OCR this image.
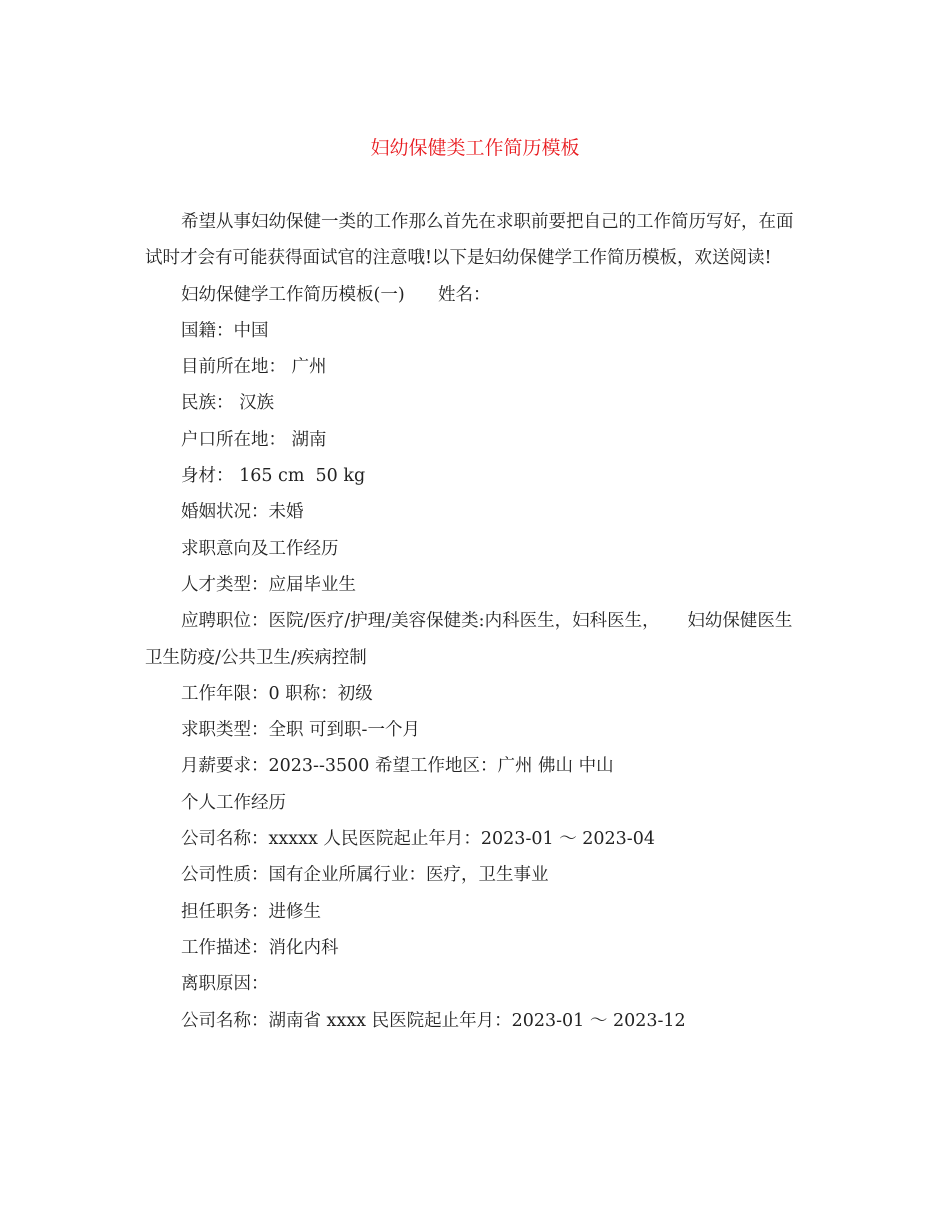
妇幼保健类工作简历模板

希望从事妇幼保健一类的工作那么首先在求职前要把自己的工作简历写好，在面试时才会有可能获得面试官的注意哦!以下是妇幼保健学工作简历模板，欢送阅读!

妇幼保健学工作简历模板(一)      姓名：

国籍：中国

目前所在地： 广州

民族： 汉族

户口所在地： 湖南

身材： 165 cm  50 kg

婚姻状况：未婚

求职意向及工作经历

人才类型：应届毕业生

应聘职位：医院/医疗/护理/美容保健类:内科医生，妇科医生，     妇幼保健医生    卫生防疫/公共卫生/疾病控制

工作年限：0 职称：初级

求职类型：全职 可到职-一个月

月薪要求：2023--3500 希望工作地区：广州 佛山 中山

个人工作经历

公司名称：xxxxx 人民医院起止年月：2023-01 ～ 2023-04

公司性质：国有企业所属行业：医疗，卫生事业

担任职务：进修生

工作描述：消化内科

离职原因：

公司名称：湖南省 xxxx 民医院起止年月：2023-01 ～ 2023-12
